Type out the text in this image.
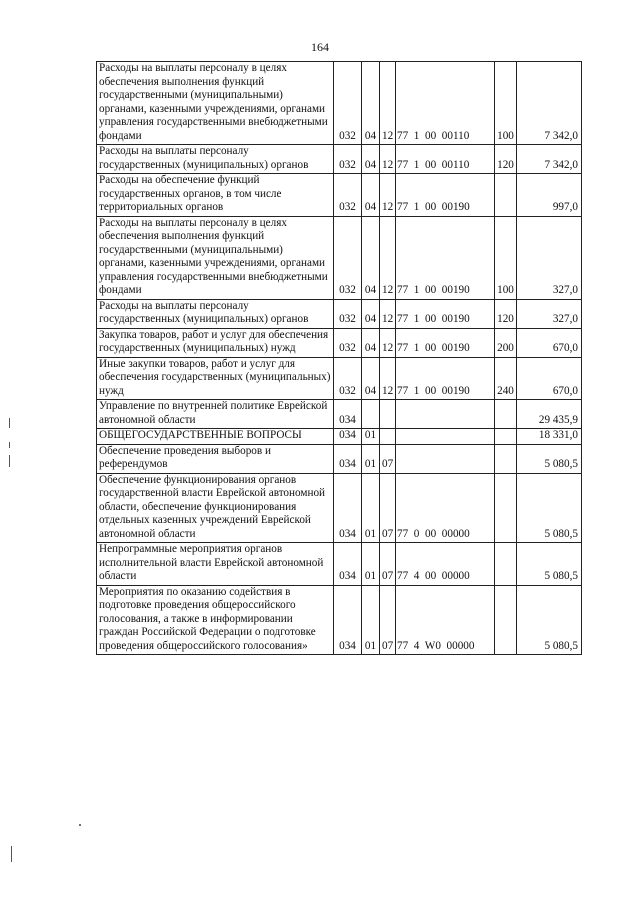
164
Расходы на выплаты персоналу в целях обеспечения выполнения функций государственными (муниципальными) органами, казенными учреждениями, органами управления государственными внебюджетными фондами	032	04	12	77  1  00  00110	100	7 342,0
Расходы на выплаты персоналу государственных (муниципальных) органов	032	04	12	77  1  00  00110	120	7 342,0
Расходы на обеспечение функций государственных органов, в том числе территориальных органов	032	04	12	77  1  00  00190		997,0
Расходы на выплаты персоналу в целях обеспечения выполнения функций государственными (муниципальными) органами, казенными учреждениями, органами управления государственными внебюджетными фондами	032	04	12	77  1  00  00190	100	327,0
Расходы на выплаты персоналу государственных (муниципальных) органов	032	04	12	77  1  00  00190	120	327,0
Закупка товаров, работ и услуг для обеспечения государственных (муниципальных) нужд	032	04	12	77  1  00  00190	200	670,0
Иные закупки товаров, работ и услуг для обеспечения государственных (муниципальных) нужд	032	04	12	77  1  00  00190	240	670,0
Управление по внутренней политике Еврейской автономной области	034					29 435,9
ОБЩЕГОСУДАРСТВЕННЫЕ ВОПРОСЫ	034	01				18 331,0
Обеспечение проведения выборов и референдумов	034	01	07			5 080,5
Обеспечение функционирования органов государственной власти Еврейской автономной области, обеспечение функционирования отдельных казенных учреждений Еврейской автономной области	034	01	07	77  0  00  00000		5 080,5
Непрограммные мероприятия органов исполнительной власти Еврейской автономной области	034	01	07	77  4  00  00000		5 080,5
Мероприятия по оказанию содействия в подготовке проведения общероссийского голосования, а также в информировании граждан Российской Федерации о подготовке проведения общероссийского голосования»	034	01	07	77  4  W0  00000		5 080,5
